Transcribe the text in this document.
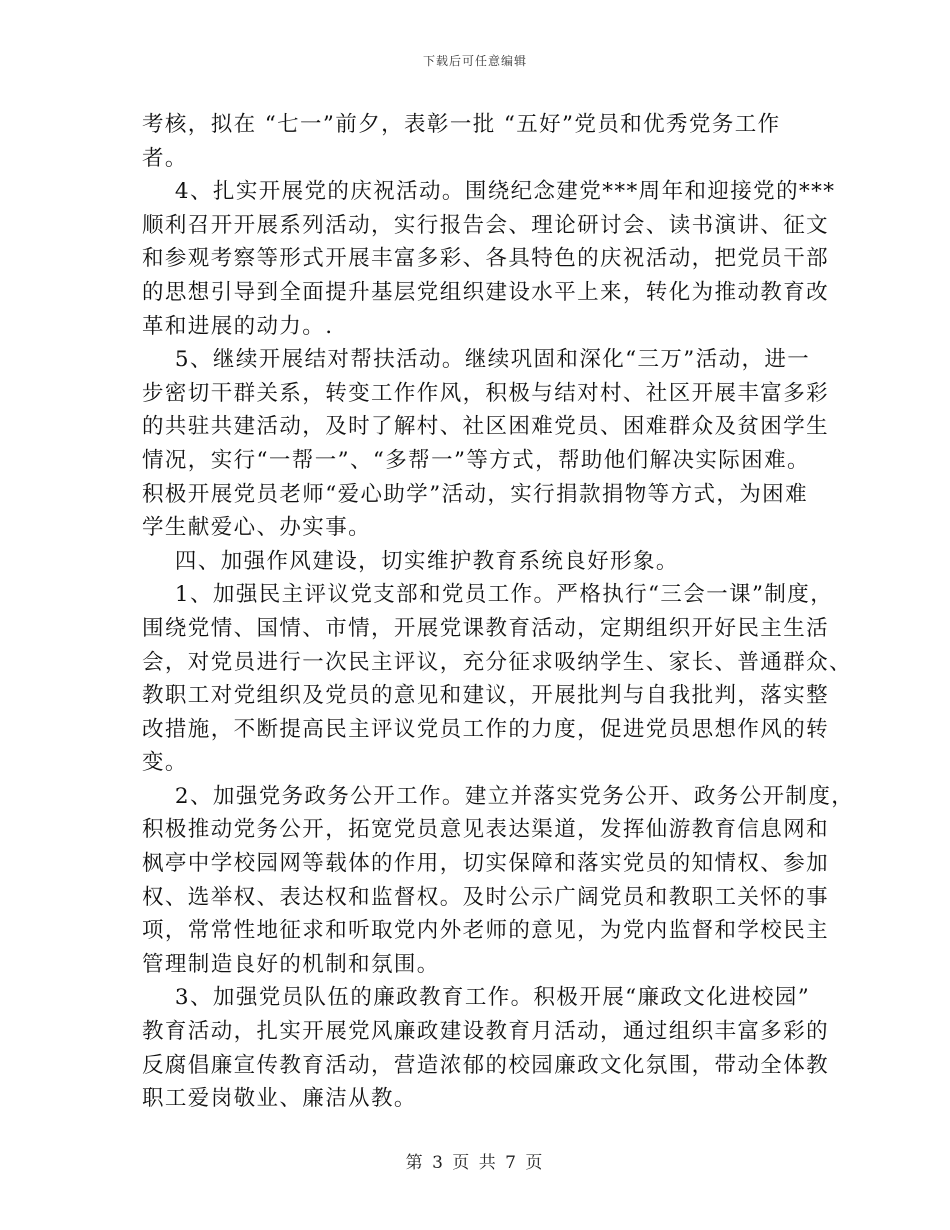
下载后可任意编辑
考核，拟在 “七一”前夕，表彰一批 “五好”党员和优秀党务工作
者。
4、扎实开展党的庆祝活动。围绕纪念建党***周年和迎接党的***
顺利召开开展系列活动，实行报告会、理论研讨会、读书演讲、征文
和参观考察等形式开展丰富多彩、各具特色的庆祝活动，把党员干部
的思想引导到全面提升基层党组织建设水平上来，转化为推动教育改
革和进展的动力。.
5、继续开展结对帮扶活动。继续巩固和深化“三万”活动，进一
步密切干群关系，转变工作作风，积极与结对村、社区开展丰富多彩
的共驻共建活动，及时了解村、社区困难党员、困难群众及贫困学生
情况，实行“一帮一”、“多帮一”等方式，帮助他们解决实际困难。
积极开展党员老师“爱心助学”活动，实行捐款捐物等方式，为困难
学生献爱心、办实事。
四、加强作风建设，切实维护教育系统良好形象。
1、加强民主评议党支部和党员工作。严格执行“三会一课”制度，
围绕党情、国情、市情，开展党课教育活动，定期组织开好民主生活
会，对党员进行一次民主评议，充分征求吸纳学生、家长、普通群众、
教职工对党组织及党员的意见和建议，开展批判与自我批判，落实整
改措施，不断提高民主评议党员工作的力度，促进党员思想作风的转
变。
2、加强党务政务公开工作。建立并落实党务公开、政务公开制度，
积极推动党务公开，拓宽党员意见表达渠道，发挥仙游教育信息网和
枫亭中学校园网等载体的作用，切实保障和落实党员的知情权、参加
权、选举权、表达权和监督权。及时公示广阔党员和教职工关怀的事
项，常常性地征求和听取党内外老师的意见，为党内监督和学校民主
管理制造良好的机制和氛围。
3、加强党员队伍的廉政教育工作。积极开展“廉政文化进校园”
教育活动，扎实开展党风廉政建设教育月活动，通过组织丰富多彩的
反腐倡廉宣传教育活动，营造浓郁的校园廉政文化氛围，带动全体教
职工爱岗敬业、廉洁从教。
第 3 页 共 7 页
